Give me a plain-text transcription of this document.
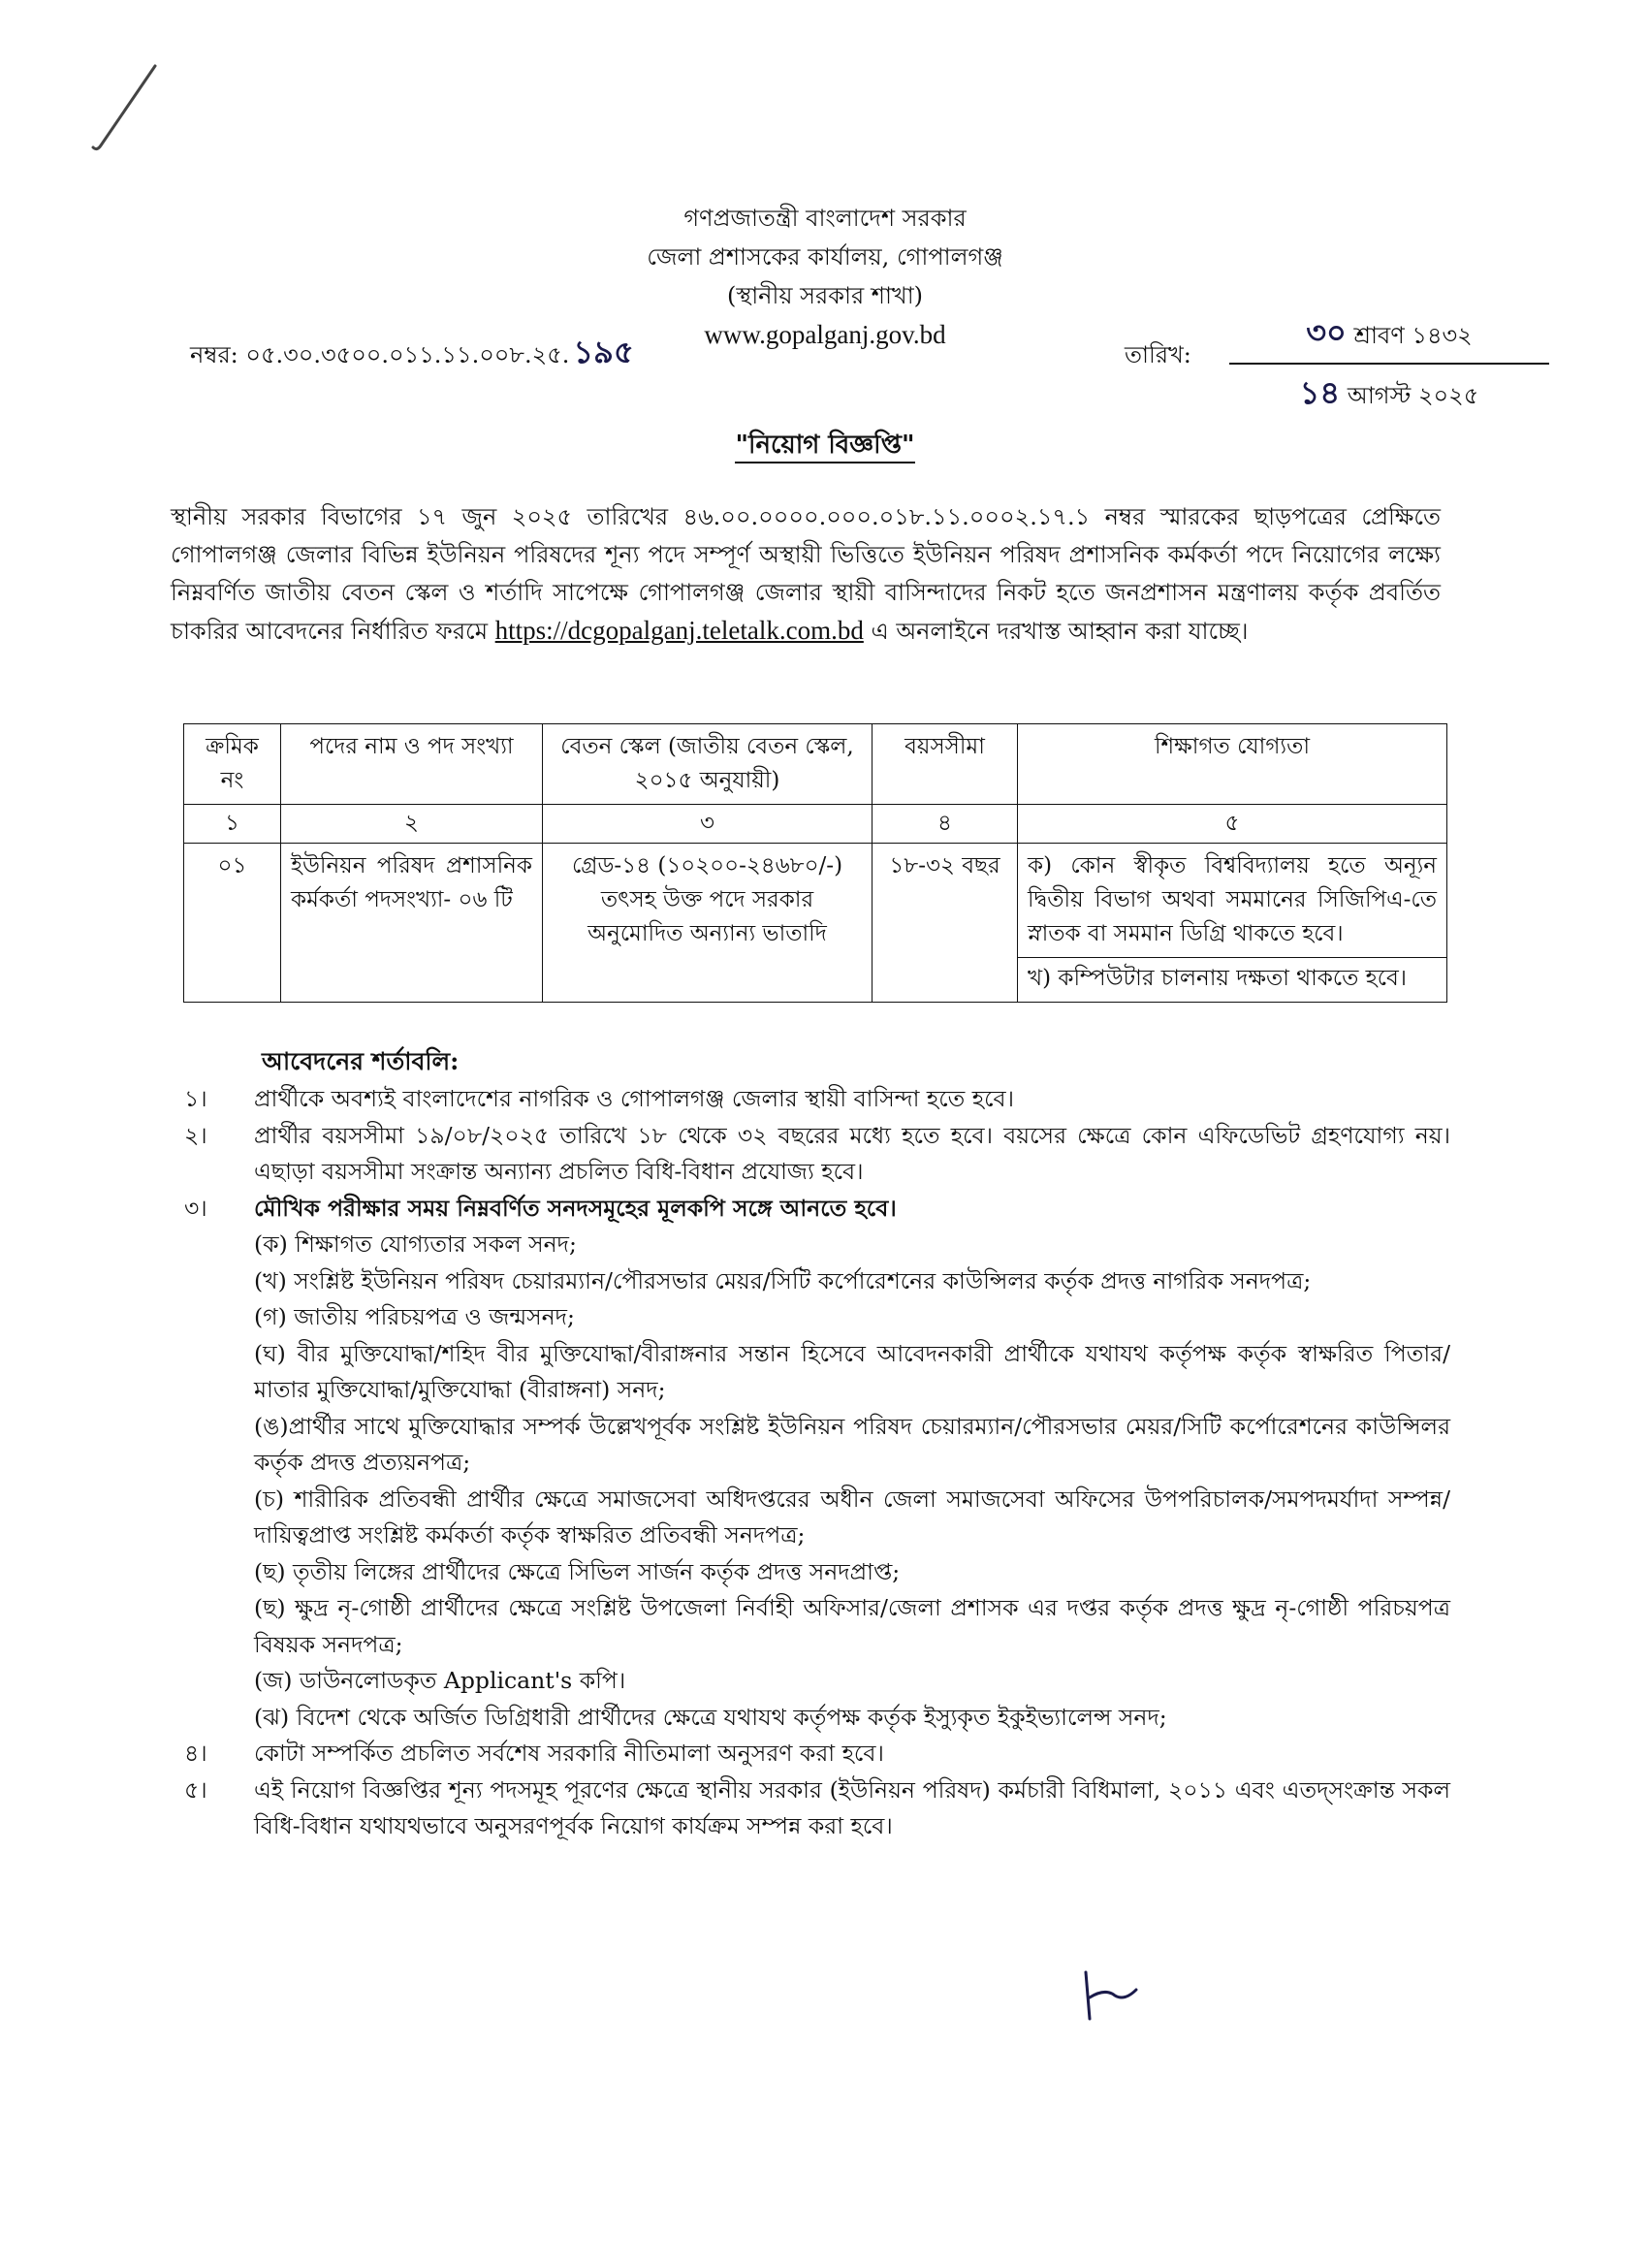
গণপ্রজাতন্ত্রী বাংলাদেশ সরকার
জেলা প্রশাসকের কার্যালয়, গোপালগঞ্জ
(স্থানীয় সরকার শাখা)
www.gopalganj.gov.bd
নম্বর: ০৫.৩০.৩৫০০.০১১.১১.০০৮.২৫. ১৯৫	তারিখ:
৩০ শ্রাবণ ১৪৩২
১৪ আগস্ট ২০২৫
"নিয়োগ বিজ্ঞপ্তি"
স্থানীয় সরকার বিভাগের ১৭ জুন ২০২৫ তারিখের ৪৬.০০.০০০০.০০০.০১৮.১১.০০০২.১৭.১ নম্বর স্মারকের ছাড়পত্রের প্রেক্ষিতে গোপালগঞ্জ জেলার বিভিন্ন ইউনিয়ন পরিষদের শূন্য পদে সম্পূর্ণ অস্থায়ী ভিত্তিতে ইউনিয়ন পরিষদ প্রশাসনিক কর্মকর্তা পদে নিয়োগের লক্ষ্যে নিম্নবর্ণিত জাতীয় বেতন স্কেল ও শর্তাদি সাপেক্ষে গোপালগঞ্জ জেলার স্থায়ী বাসিন্দাদের নিকট হতে জনপ্রশাসন মন্ত্রণালয় কর্তৃক প্রবর্তিত চাকরির আবেদনের নির্ধারিত ফরমে https://dcgopalganj.teletalk.com.bd এ অনলাইনে দরখাস্ত আহ্বান করা যাচ্ছে।
ক্রমিক নং	পদের নাম ও পদ সংখ্যা	বেতন স্কেল (জাতীয় বেতন স্কেল, ২০১৫ অনুযায়ী)	বয়সসীমা	শিক্ষাগত যোগ্যতা
১	২	৩	৪	৫
০১	ইউনিয়ন পরিষদ প্রশাসনিক কর্মকর্তা পদসংখ্যা- ০৬ টি	গ্রেড-১৪ (১০২০০-২৪৬৮০/-) তৎসহ উক্ত পদে সরকার অনুমোদিত অন্যান্য ভাতাদি	১৮-৩২ বছর	ক) কোন স্বীকৃত বিশ্ববিদ্যালয় হতে অন্যূন দ্বিতীয় বিভাগ অথবা সমমানের সিজিপিএ-তে স্নাতক বা সমমান ডিগ্রি থাকতে হবে।

খ) কম্পিউটার চালনায় দক্ষতা থাকতে হবে।

আবেদনের শর্তাবলি:
১। প্রার্থীকে অবশ্যই বাংলাদেশের নাগরিক ও গোপালগঞ্জ জেলার স্থায়ী বাসিন্দা হতে হবে।
২। প্রার্থীর বয়সসীমা ১৯/০৮/২০২৫ তারিখে ১৮ থেকে ৩২ বছরের মধ্যে হতে হবে। বয়সের ক্ষেত্রে কোন এফিডেভিট গ্রহণযোগ্য নয়। এছাড়া বয়সসীমা সংক্রান্ত অন্যান্য প্রচলিত বিধি-বিধান প্রযোজ্য হবে।
৩। মৌখিক পরীক্ষার সময় নিম্নবর্ণিত সনদসমূহের মূলকপি সঙ্গে আনতে হবে।
(ক) শিক্ষাগত যোগ্যতার সকল সনদ;
(খ) সংশ্লিষ্ট ইউনিয়ন পরিষদ চেয়ারম্যান/পৌরসভার মেয়র/সিটি কর্পোরেশনের কাউন্সিলর কর্তৃক প্রদত্ত নাগরিক সনদপত্র;
(গ) জাতীয় পরিচয়পত্র ও জন্মসনদ;
(ঘ) বীর মুক্তিযোদ্ধা/শহিদ বীর মুক্তিযোদ্ধা/বীরাঙ্গনার সন্তান হিসেবে আবেদনকারী প্রার্থীকে যথাযথ কর্তৃপক্ষ কর্তৃক স্বাক্ষরিত পিতার/মাতার মুক্তিযোদ্ধা/মুক্তিযোদ্ধা (বীরাঙ্গনা) সনদ;
(ঙ)প্রার্থীর সাথে মুক্তিযোদ্ধার সম্পর্ক উল্লেখপূর্বক সংশ্লিষ্ট ইউনিয়ন পরিষদ চেয়ারম্যান/পৌরসভার মেয়র/সিটি কর্পোরেশনের কাউন্সিলর কর্তৃক প্রদত্ত প্রত্যয়নপত্র;
(চ) শারীরিক প্রতিবন্ধী প্রার্থীর ক্ষেত্রে সমাজসেবা অধিদপ্তরের অধীন জেলা সমাজসেবা অফিসের উপপরিচালক/সমপদমর্যাদা সম্পন্ন/দায়িত্বপ্রাপ্ত সংশ্লিষ্ট কর্মকর্তা কর্তৃক স্বাক্ষরিত প্রতিবন্ধী সনদপত্র;
(ছ) তৃতীয় লিঙ্গের প্রার্থীদের ক্ষেত্রে সিভিল সার্জন কর্তৃক প্রদত্ত সনদপ্রাপ্ত;
(ছ) ক্ষুদ্র নৃ-গোষ্ঠী প্রার্থীদের ক্ষেত্রে সংশ্লিষ্ট উপজেলা নির্বাহী অফিসার/জেলা প্রশাসক এর দপ্তর কর্তৃক প্রদত্ত ক্ষুদ্র নৃ-গোষ্ঠী পরিচয়পত্র বিষয়ক সনদপত্র;
(জ) ডাউনলোডকৃত Applicant's কপি।
(ঝ) বিদেশ থেকে অর্জিত ডিগ্রিধারী প্রার্থীদের ক্ষেত্রে যথাযথ কর্তৃপক্ষ কর্তৃক ইস্যুকৃত ইকুইভ্যালেন্স সনদ;
৪। কোটা সম্পর্কিত প্রচলিত সর্বশেষ সরকারি নীতিমালা অনুসরণ করা হবে।
৫। এই নিয়োগ বিজ্ঞপ্তির শূন্য পদসমূহ পূরণের ক্ষেত্রে স্থানীয় সরকার (ইউনিয়ন পরিষদ) কর্মচারী বিধিমালা, ২০১১ এবং এতদ্সংক্রান্ত সকল বিধি-বিধান যথাযথভাবে অনুসরণপূর্বক নিয়োগ কার্যক্রম সম্পন্ন করা হবে।
